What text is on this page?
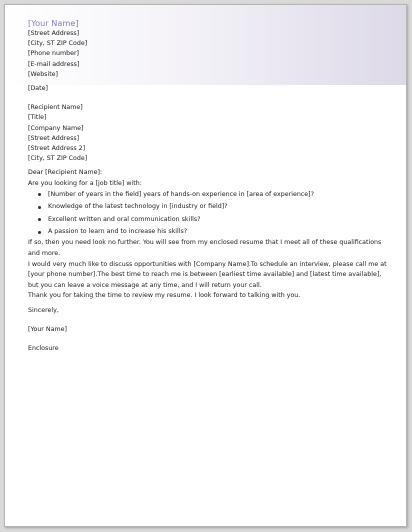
[Your Name]
[Street Address]
[City, ST ZIP Code]
[Phone number]
[E-mail address]
[Website]
[Date]
[Recipient Name]
[Title]
[Company Name]
[Street Address]
[Street Address 2]
[City, ST ZIP Code]
Dear [Recipient Name]:
Are you looking for a [job title] with:
[Number of years in the field] years of hands-on experience in [area of experience]?
Knowledge of the latest technology in [industry or field]?
Excellent written and oral communication skills?
A passion to learn and to increase his skills?
If so, then you need look no further. You will see from my enclosed resume that I meet all of these qualifications and more.
I would very much like to discuss opportunities with [Company Name].To schedule an interview, please call me at [your phone number].The best time to reach me is between [earliest time available] and [latest time available], but you can leave a voice message at any time, and I will return your call.
Thank you for taking the time to review my resume. I look forward to talking with you.
Sincerely,
[Your Name]
Enclosure
